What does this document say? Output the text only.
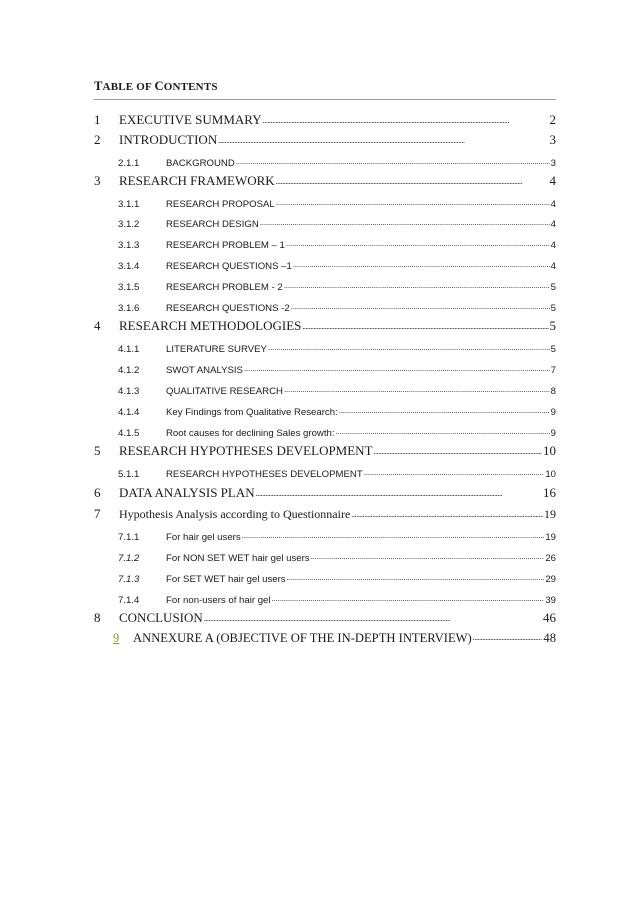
TABLE OF CONTENTS
1	EXECUTIVE SUMMARY . . .	2
2	INTRODUCTION . . .	3
2.1.1	BACKGROUND . . .	3
3	RESEARCH FRAMEWORK . . .	4
3.1.1	RESEARCH PROPOSAL . . .	4
3.1.2	RESEARCH DESIGN . . .	4
3.1.3	RESEARCH PROBLEM – 1 . . .	4
3.1.4	RESEARCH QUESTIONS –1 . . .	4
3.1.5	RESEARCH PROBLEM - 2 . . .	5
3.1.6	RESEARCH QUESTIONS -2 . . .	5
4	RESEARCH METHODOLOGIES . . .	5
4.1.1	LITERATURE SURVEY . . .	5
4.1.2	SWOT ANALYSIS . . .	7
4.1.3	QUALITATIVE RESEARCH . . .	8
4.1.4	Key Findings from Qualitative Research: . . .	9
4.1.5	Root causes for declining Sales growth: . . .	9
5	RESEARCH HYPOTHESES DEVELOPMENT . . .	10
5.1.1	RESEARCH HYPOTHESES DEVELOPMENT . . .	10
6	DATA ANALYSIS PLAN . . .	16
7	Hypothesis Analysis according to Questionnaire . . .	19
7.1.1	For hair gel users . . .	19
7.1.2	For NON SET WET hair gel users . . .	26
7.1.3	For SET WET hair gel users . . .	29
7.1.4	For non-users of hair gel . . .	39
8	CONCLUSION . . .	46
9	ANNEXURE A (OBJECTIVE OF THE IN-DEPTH INTERVIEW) . . .	48
